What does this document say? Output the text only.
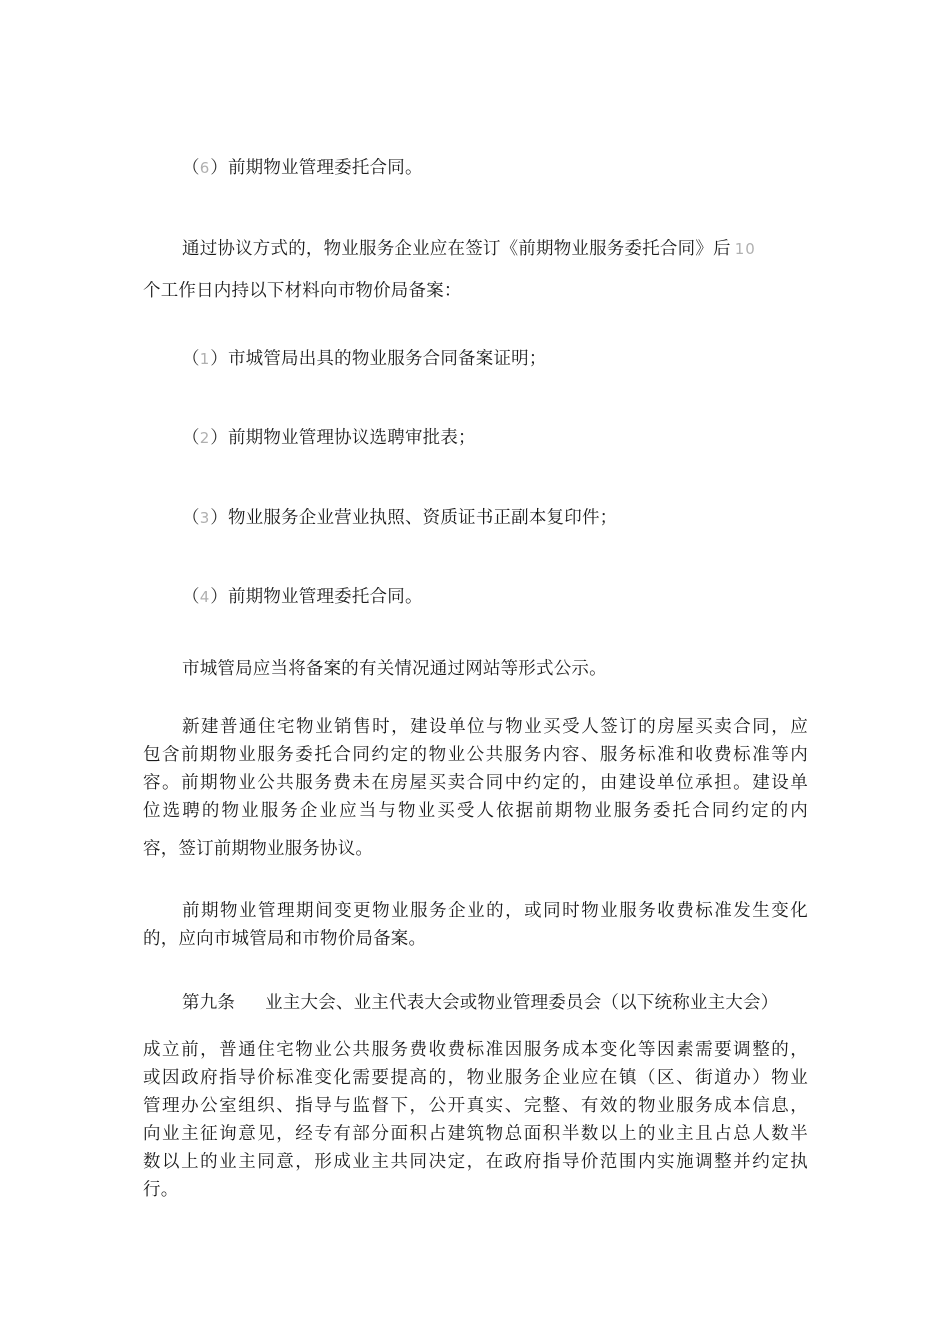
（6）前期物业管理委托合同。
通过协议方式的，物业服务企业应在签订《前期物业服务委托合同》后 10
个工作日内持以下材料向市物价局备案：
（1）市城管局出具的物业服务合同备案证明；
（2）前期物业管理协议选聘审批表；
（3）物业服务企业营业执照、资质证书正副本复印件；
（4）前期物业管理委托合同。
市城管局应当将备案的有关情况通过网站等形式公示。
新建普通住宅物业销售时，建设单位与物业买受人签订的房屋买卖合同，应
包含前期物业服务委托合同约定的物业公共服务内容、服务标准和收费标准等内
容。前期物业公共服务费未在房屋买卖合同中约定的，由建设单位承担。建设单
位选聘的物业服务企业应当与物业买受人依据前期物业服务委托合同约定的内
容，签订前期物业服务协议。
前期物业管理期间变更物业服务企业的，或同时物业服务收费标准发生变化
的，应向市城管局和市物价局备案。
第九条 业主大会、业主代表大会或物业管理委员会（以下统称业主大会）
成立前，普通住宅物业公共服务费收费标准因服务成本变化等因素需要调整的，
或因政府指导价标准变化需要提高的，物业服务企业应在镇（区、街道办）物业
管理办公室组织、指导与监督下，公开真实、完整、有效的物业服务成本信息，
向业主征询意见，经专有部分面积占建筑物总面积半数以上的业主且占总人数半
数以上的业主同意，形成业主共同决定，在政府指导价范围内实施调整并约定执
行。
